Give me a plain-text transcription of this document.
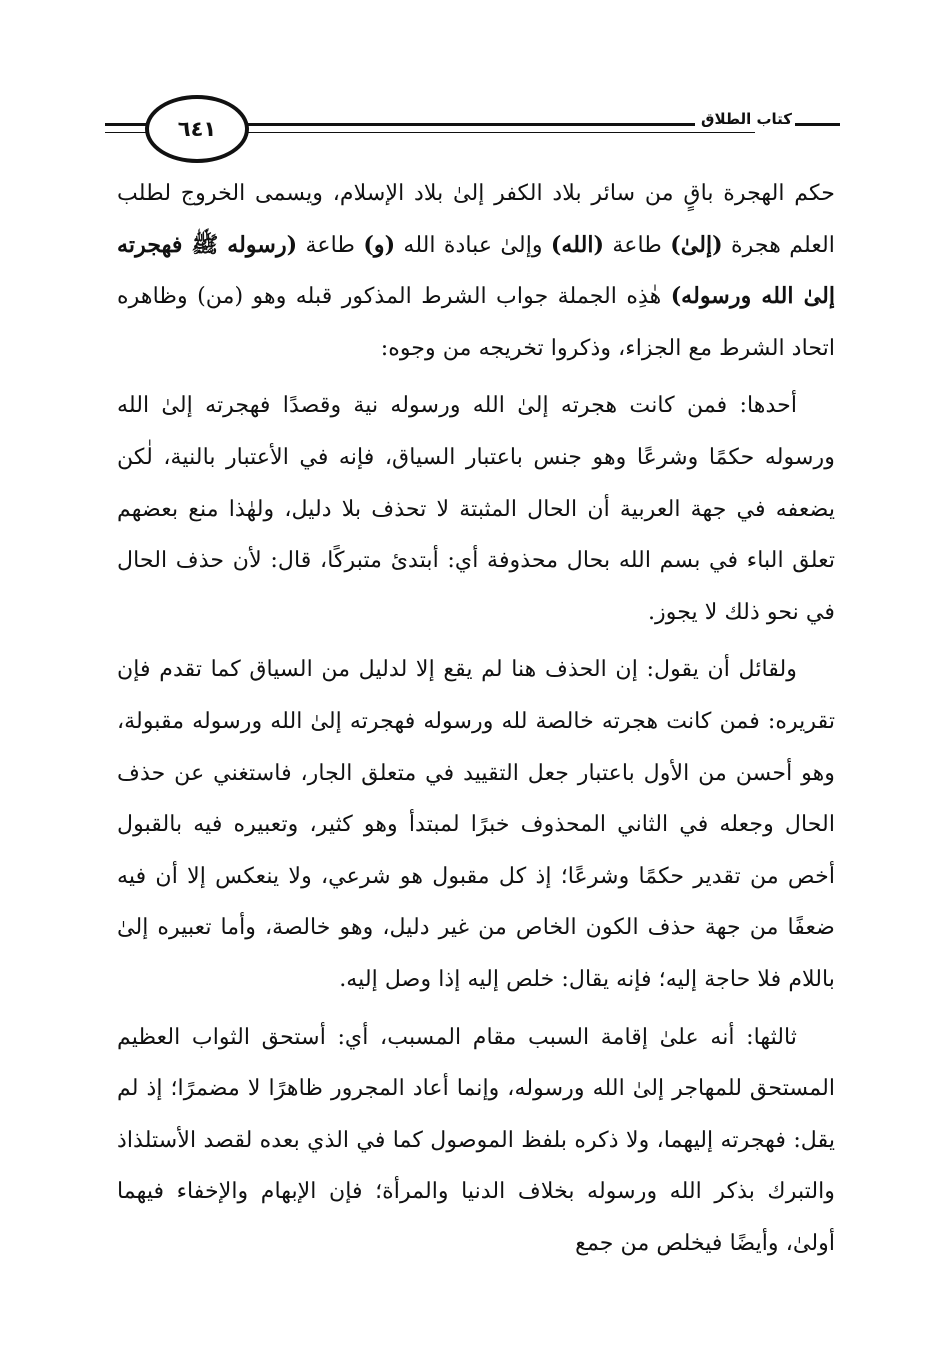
٦٤١	كتاب الطلاق

حكم الهجرة باقٍ من سائر بلاد الكفر إلىٰ بلاد الإسلام، ويسمى الخروج لطلب العلم هجرة (إلىٰ) طاعة (الله) وإلىٰ عبادة الله (و) طاعة (رسوله ﷺ فهجرته إلىٰ الله ورسوله) هٰذِه الجملة جواب الشرط المذكور قبله وهو (من) وظاهره اتحاد الشرط مع الجزاء، وذكروا تخريجه من وجوه:

أحدها: فمن كانت هجرته إلىٰ الله ورسوله نية وقصدًا فهجرته إلىٰ الله ورسوله حكمًا وشرعًا وهو جنس باعتبار السياق، فإنه في الأعتبار بالنية، لٰكن يضعفه في جهة العربية أن الحال المثبتة لا تحذف بلا دليل، ولهٰذا منع بعضهم تعلق الباء في بسم الله بحال محذوفة أي: أبتدئ متبركًا، قال: لأن حذف الحال في نحو ذلك لا يجوز.

ولقائل أن يقول: إن الحذف هنا لم يقع إلا لدليل من السياق كما تقدم فإن تقريره: فمن كانت هجرته خالصة لله ورسوله فهجرته إلىٰ الله ورسوله مقبولة، وهو أحسن من الأول باعتبار جعل التقييد في متعلق الجار، فاستغني عن حذف الحال وجعله في الثاني المحذوف خبرًا لمبتدأ وهو كثير، وتعبيره فيه بالقبول أخص من تقدير حكمًا وشرعًا؛ إذ كل مقبول هو شرعي، ولا ينعكس إلا أن فيه ضعفًا من جهة حذف الكون الخاص من غير دليل، وهو خالصة، وأما تعبيره إلىٰ باللام فلا حاجة إليه؛ فإنه يقال: خلص إليه إذا وصل إليه.

ثالثها: أنه علىٰ إقامة السبب مقام المسبب، أي: أستحق الثواب العظيم المستحق للمهاجر إلىٰ الله ورسوله، وإنما أعاد المجرور ظاهرًا لا مضمرًا؛ إذ لم يقل: فهجرته إليهما، ولا ذكره بلفظ الموصول كما في الذي بعده لقصد الأستلذاذ والتبرك بذكر الله ورسوله بخلاف الدنيا والمرأة؛ فإن الإبهام والإخفاء فيهما أولىٰ، وأيضًا فيخلص من جمع
